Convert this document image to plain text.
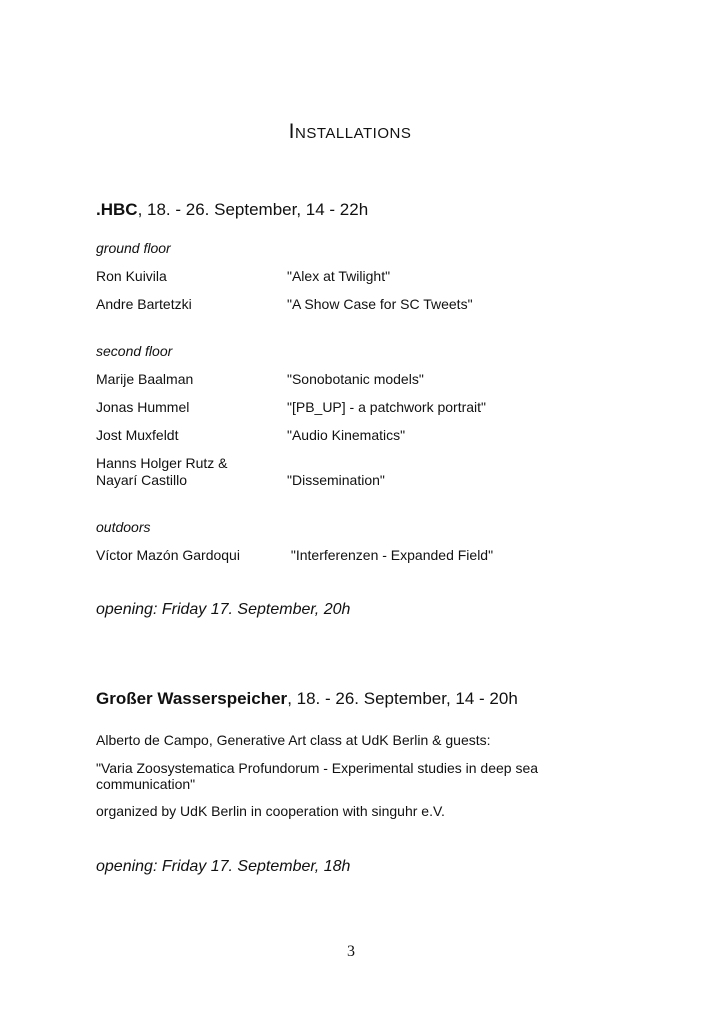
INSTALLATIONS
.HBC, 18. - 26. September, 14 - 22h
ground floor
Ron Kuivila	"Alex at Twilight"
Andre Bartetzki	"A Show Case for SC Tweets"
second floor
Marije Baalman	"Sonobotanic models"
Jonas Hummel	"[PB_UP] - a patchwork portrait"
Jost Muxfeldt	"Audio Kinematics"
Hanns Holger Rutz &
Nayarí Castillo	"Dissemination"
outdoors
Víctor Mazón Gardoqui	"Interferenzen - Expanded Field"
opening: Friday 17. September, 20h
Großer Wasserspeicher, 18. - 26. September, 14 - 20h
Alberto de Campo, Generative Art class at UdK Berlin & guests:
"Varia Zoosystematica Profundorum - Experimental studies in deep sea
communication"
organized by UdK Berlin in cooperation with singuhr e.V.
opening: Friday 17. September, 18h
3
